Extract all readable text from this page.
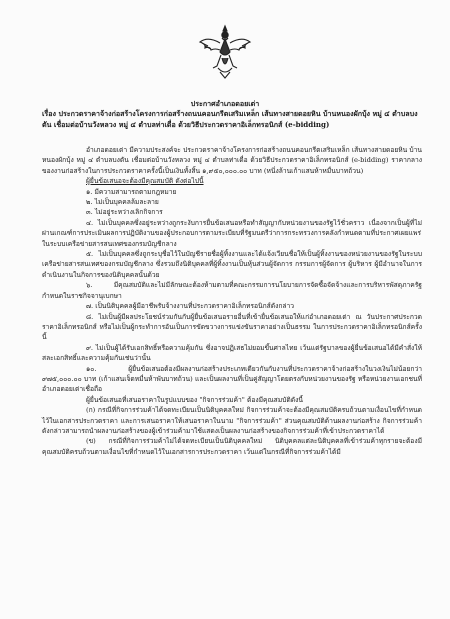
ประกาศอำเภอดอยเต่า
เรื่อง ประกวดราคาจ้างก่อสร้างโครงการก่อสร้างถนนคอนกรีตเสริมเหล็ก เส้นทางสายดอยหิน บ้านหนองผักบุ้ง หมู่ ๔ ตำบลบงตัน เชื่อมต่อบ้านวังหลวง หมู่ ๔ ตำบลท่าเดื่อ ด้วยวิธีประกวดราคาอิเล็กทรอนิกส์ (e-bidding)

อำเภอดอยเต่า มีความประสงค์จะ ประกวดราคาจ้างโครงการก่อสร้างถนนคอนกรีตเสริมเหล็ก เส้นทางสายดอยหิน บ้านหนองผักบุ้ง หมู่ ๔ ตำบลบงตัน เชื่อมต่อบ้านวังหลวง หมู่ ๔ ตำบลท่าเดื่อ ด้วยวิธีประกวดราคาอิเล็กทรอนิกส์ (e-bidding) ราคากลางของงานก่อสร้างในการประกวดราคาครั้งนี้เป็นเงินทั้งสิ้น ๑,๙๕๐,๐๐๐.๐๐ บาท (หนึ่งล้านเก้าแสนห้าหมื่นบาทถ้วน)

ผู้ยื่นข้อเสนอจะต้องมีคุณสมบัติ ดังต่อไปนี้

๑. มีความสามารถตามกฎหมาย

๒. ไม่เป็นบุคคลล้มละลาย

๓. ไม่อยู่ระหว่างเลิกกิจการ

๔. ไม่เป็นบุคคลซึ่งอยู่ระหว่างถูกระงับการยื่นข้อเสนอหรือทำสัญญากับหน่วยงานของรัฐไว้ชั่วคราว เนื่องจากเป็นผู้ที่ไม่ผ่านเกณฑ์การประเมินผลการปฏิบัติงานของผู้ประกอบการตามระเบียบที่รัฐมนตรีว่าการกระทรวงการคลังกำหนดตามที่ประกาศเผยแพร่ในระบบเครือข่ายสารสนเทศของกรมบัญชีกลาง

๕. ไม่เป็นบุคคลซึ่งถูกระบุชื่อไว้ในบัญชีรายชื่อผู้ทิ้งงานและได้แจ้งเวียนชื่อให้เป็นผู้ทิ้งงานของหน่วยงานของรัฐในระบบเครือข่ายสารสนเทศของกรมบัญชีกลาง ซึ่งรวมถึงนิติบุคคลที่ผู้ทิ้งงานเป็นหุ้นส่วนผู้จัดการ กรรมการผู้จัดการ ผู้บริหาร ผู้มีอำนาจในการดำเนินงานในกิจการของนิติบุคคลนั้นด้วย

๖. มีคุณสมบัติและไม่มีลักษณะต้องห้ามตามที่คณะกรรมการนโยบายการจัดซื้อจัดจ้างและการบริหารพัสดุภาครัฐกำหนดในราชกิจจานุเบกษา

๗. เป็นนิติบุคคลผู้มีอาชีพรับจ้างงานที่ประกวดราคาอิเล็กทรอนิกส์ดังกล่าว

๘. ไม่เป็นผู้มีผลประโยชน์ร่วมกันกับผู้ยื่นข้อเสนอรายอื่นที่เข้ายื่นข้อเสนอให้แก่อำเภอดอยเต่า ณ วันประกาศประกวดราคาอิเล็กทรอนิกส์ หรือไม่เป็นผู้กระทำการอันเป็นการขัดขวางการแข่งขันราคาอย่างเป็นธรรม ในการประกวดราคาอิเล็กทรอนิกส์ครั้งนี้

๙. ไม่เป็นผู้ได้รับเอกสิทธิ์หรือความคุ้มกัน ซึ่งอาจปฏิเสธไม่ยอมขึ้นศาลไทย เว้นแต่รัฐบาลของผู้ยื่นข้อเสนอได้มีคำสั่งให้สละเอกสิทธิ์และความคุ้มกันเช่นว่านั้น

๑๐. ผู้ยื่นข้อเสนอต้องมีผลงานก่อสร้างประเภทเดียวกันกับงานที่ประกวดราคาจ้างก่อสร้างในวงเงินไม่น้อยกว่า ๙๗๕,๐๐๐.๐๐ บาท (เก้าแสนเจ็ดหมื่นห้าพันบาทถ้วน) และเป็นผลงานที่เป็นคู่สัญญาโดยตรงกับหน่วยงานของรัฐ หรือหน่วยงานเอกชนที่อำเภอดอยเต่าเชื่อถือ

ผู้ยื่นข้อเสนอที่เสนอราคาในรูปแบบของ "กิจการร่วมค้า" ต้องมีคุณสมบัติดังนี้

(ก) กรณีที่กิจการร่วมค้าได้จดทะเบียนเป็นนิติบุคคลใหม่ กิจการร่วมค้าจะต้องมีคุณสมบัติครบถ้วนตามเงื่อนไขที่กำหนดไว้ในเอกสารประกวดราคา และการเสนอราคาให้เสนอราคาในนาม "กิจการร่วมค้า" ส่วนคุณสมบัติด้านผลงานก่อสร้าง กิจการร่วมค้าดังกล่าวสามารถนำผลงานก่อสร้างของผู้เข้าร่วมค้ามาใช้แสดงเป็นผลงานก่อสร้างของกิจการร่วมค้าที่เข้าประกวดราคาได้

(ข) กรณีที่กิจการร่วมค้าไม่ได้จดทะเบียนเป็นนิติบุคคลใหม่ นิติบุคคลแต่ละนิติบุคคลที่เข้าร่วมค้าทุกรายจะต้องมีคุณสมบัติครบถ้วนตามเงื่อนไขที่กำหนดไว้ในเอกสารการประกวดราคา เว้นแต่ในกรณีที่กิจการร่วมค้าได้มี
